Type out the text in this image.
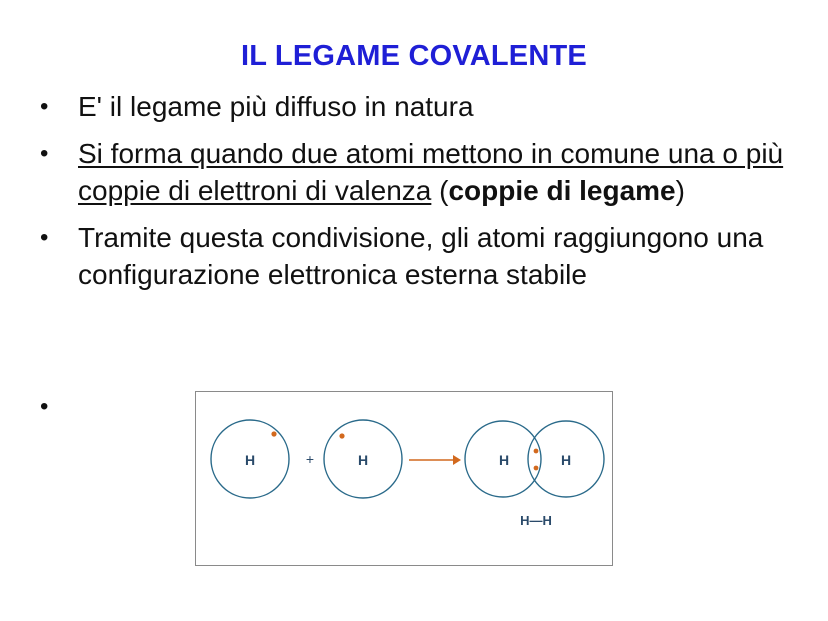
IL LEGAME COVALENTE
• E' il legame più diffuso in natura
• Si forma quando due atomi mettono in comune una o più coppie di elettroni di valenza (coppie di legame)
• Tramite questa condivisione, gli atomi raggiungono una configurazione elettronica esterna stabile
•
H	+	H	H	H
H—H
